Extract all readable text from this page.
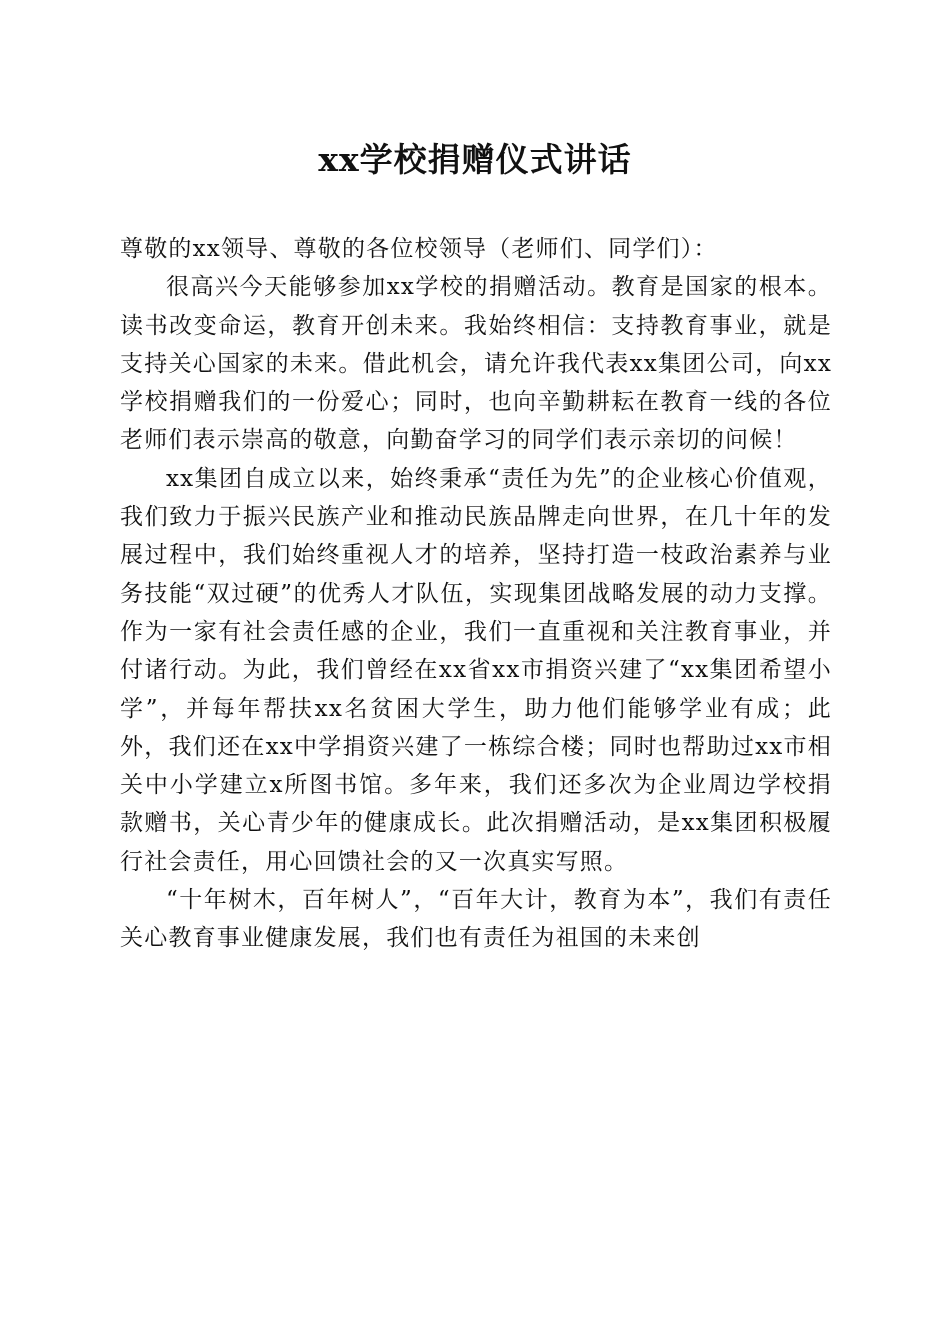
xx学校捐赠仪式讲话

尊敬的xx领导、尊敬的各位校领导（老师们、同学们）：

很高兴今天能够参加xx学校的捐赠活动。教育是国家的根本。读书改变命运，教育开创未来。我始终相信：支持教育事业，就是支持关心国家的未来。借此机会，请允许我代表xx集团公司，向xx学校捐赠我们的一份爱心；同时，也向辛勤耕耘在教育一线的各位老师们表示崇高的敬意，向勤奋学习的同学们表示亲切的问候！

xx集团自成立以来，始终秉承“责任为先”的企业核心价值观，我们致力于振兴民族产业和推动民族品牌走向世界，在几十年的发展过程中，我们始终重视人才的培养，坚持打造一枝政治素养与业务技能“双过硬”的优秀人才队伍，实现集团战略发展的动力支撑。作为一家有社会责任感的企业，我们一直重视和关注教育事业，并付诸行动。为此，我们曾经在xx省xx市捐资兴建了“xx集团希望小学”，并每年帮扶xx名贫困大学生，助力他们能够学业有成；此外，我们还在xx中学捐资兴建了一栋综合楼；同时也帮助过xx市相关中小学建立x所图书馆。多年来，我们还多次为企业周边学校捐款赠书，关心青少年的健康成长。此次捐赠活动，是xx集团积极履行社会责任，用心回馈社会的又一次真实写照。

“十年树木，百年树人”，“百年大计，教育为本”，我们有责任关心教育事业健康发展，我们也有责任为祖国的未来创
